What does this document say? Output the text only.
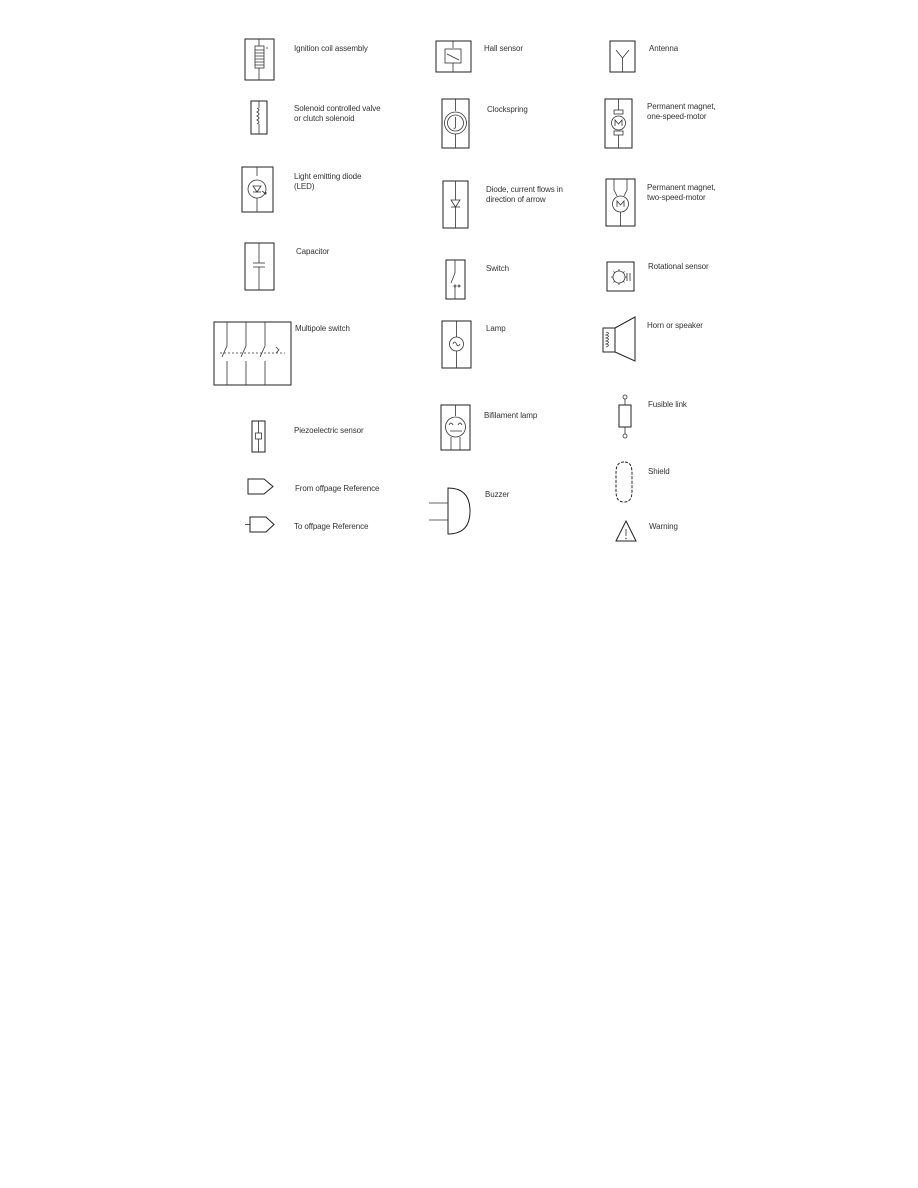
Ignition coil assembly
Solenoid controlled valve
or clutch solenoid
Light emitting diode
(LED)
Capacitor
Multipole switch
Piezoelectric sensor
From offpage Reference
To offpage Reference
Hall sensor
Clockspring
Diode, current flows in
direction of arrow
Switch
Lamp
Bifilament lamp
Buzzer
Antenna
Permanent magnet,
one-speed-motor
Permanent magnet,
two-speed-motor
Rotational sensor
Horn or speaker
Fusible link
Shield
Warning
